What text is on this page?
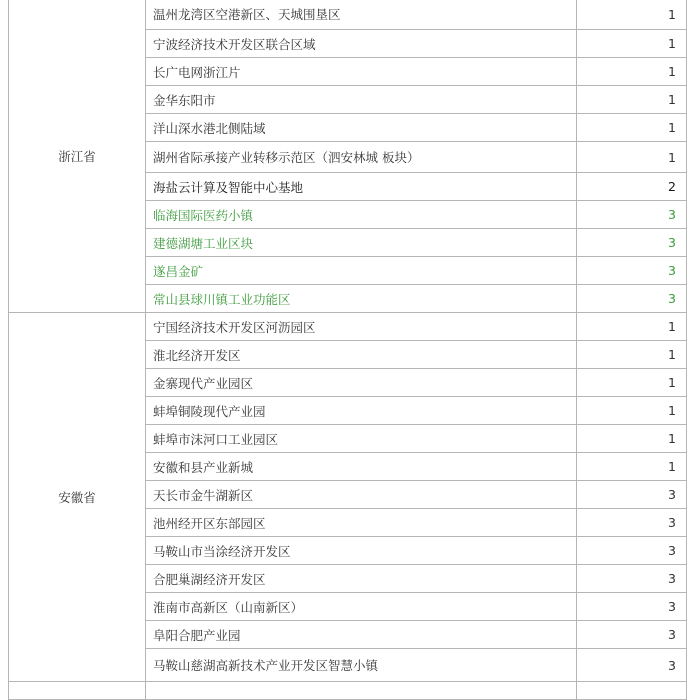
浙江省	温州龙湾区空港新区、天城围垦区	1
	宁波经济技术开发区联合区域	1
	长广电网浙江片	1
	金华东阳市	1
	洋山深水港北侧陆域	1
	湖州省际承接产业转移示范区（泗安林城 板块）	1
	海盐云计算及智能中心基地	2
	临海国际医药小镇	3
	建德湖塘工业区块	3
	遂昌金矿	3
	常山县球川镇工业功能区	3
安徽省	宁国经济技术开发区河沥园区	1
	淮北经济开发区	1
	金寨现代产业园区	1
	蚌埠铜陵现代产业园	1
	蚌埠市沫河口工业园区	1
	安徽和县产业新城	1
	天长市金牛湖新区	3
	池州经开区东部园区	3
	马鞍山市当涂经济开发区	3
	合肥巢湖经济开发区	3
	淮南市高新区（山南新区）	3
	阜阳合肥产业园	3
	马鞍山慈湖高新技术产业开发区智慧小镇	3
